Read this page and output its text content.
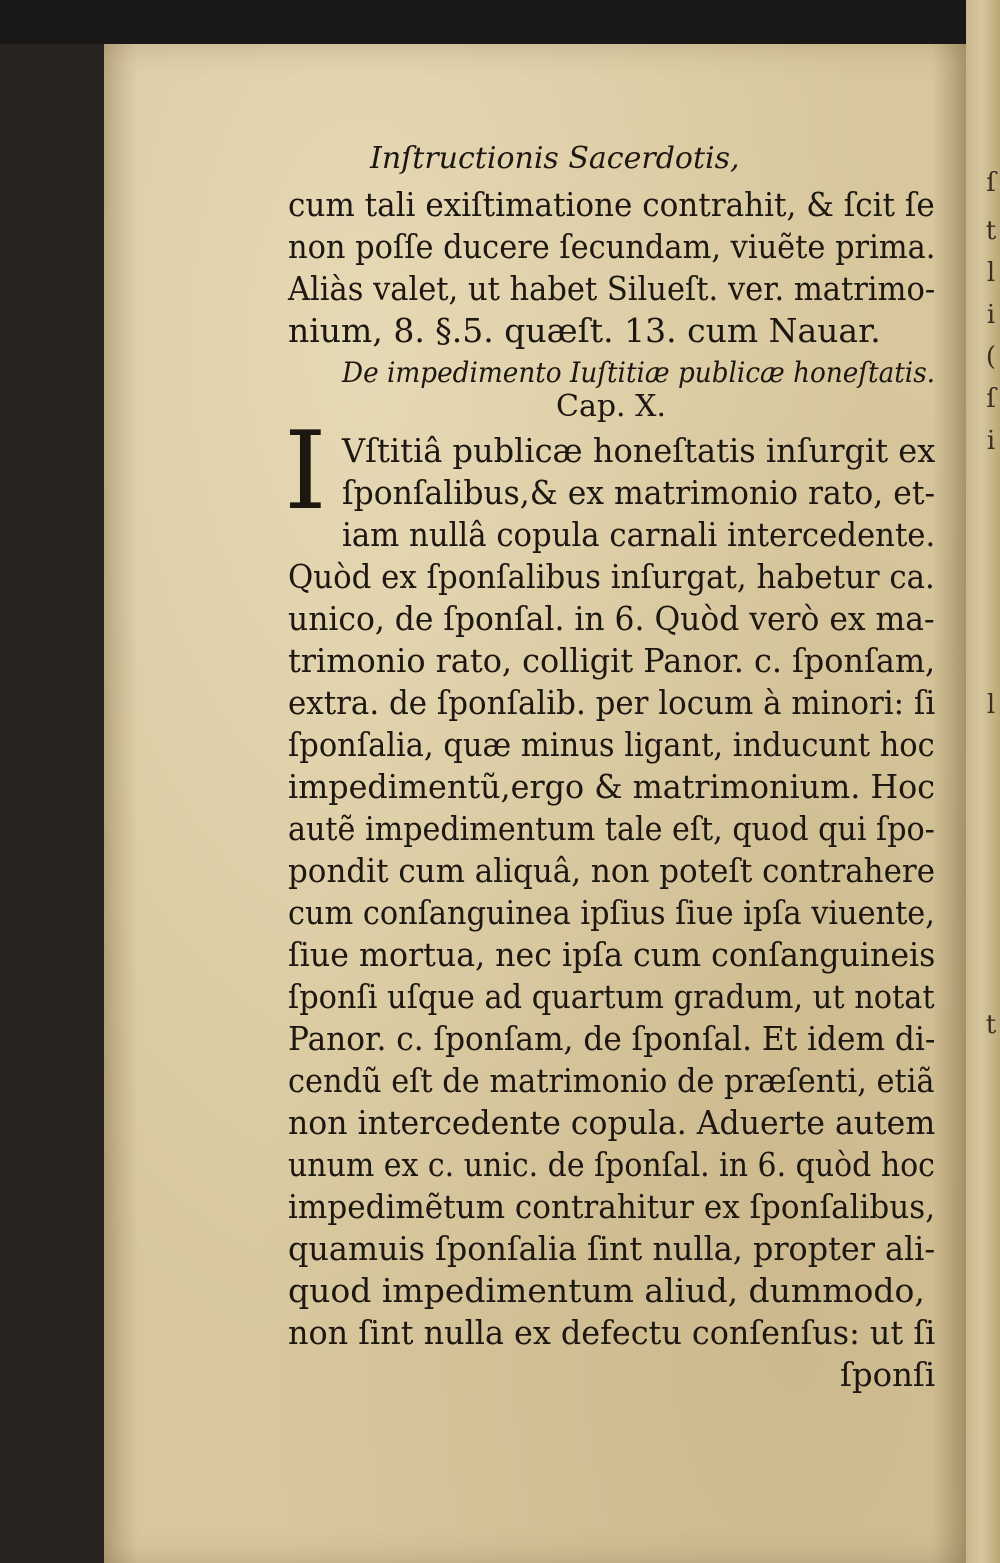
ſ
t
l
i
(
ſ
i
l
t
Inſtructionis Sacerdotis,
cum tali exiſtimatione contrahit, & ſcit ſe
non poſſe ducere ſecundam, viuẽte prima.
Aliàs valet, ut habet Silueſt. ver. matrimo-
nium, 8. §.5. quæſt. 13. cum Nauar.
De impedimento Iuſtitiæ publicæ honeſtatis.
Cap. X.
I Vſtitiâ publicæ honeſtatis inſurgit ex
ſponſalibus,& ex matrimonio rato, et-
iam nullâ copula carnali intercedente.
Quòd ex ſponſalibus inſurgat, habetur ca.
unico, de ſponſal. in 6. Quòd verò ex ma-
trimonio rato, colligit Panor. c. ſponſam,
extra. de ſponſalib. per locum à minori: ſi
ſponſalia, quæ minus ligant, inducunt hoc
impedimentũ,ergo & matrimonium. Hoc
autẽ impedimentum tale eſt, quod qui ſpo-
pondit cum aliquâ, non poteſt contrahere
cum conſanguinea ipſius ſiue ipſa viuente,
ſiue mortua, nec ipſa cum conſanguineis
ſponſi uſque ad quartum gradum, ut notat
Panor. c. ſponſam, de ſponſal. Et idem di-
cendũ eſt de matrimonio de præſenti, etiã
non intercedente copula. Aduerte autem
unum ex c. unic. de ſponſal. in 6. quòd hoc
impedimẽtum contrahitur ex ſponſalibus,
quamuis ſponſalia ſint nulla, propter ali-
quod impedimentum aliud, dummodo,
non ſint nulla ex defectu conſenſus: ut ſi
ſponſi
